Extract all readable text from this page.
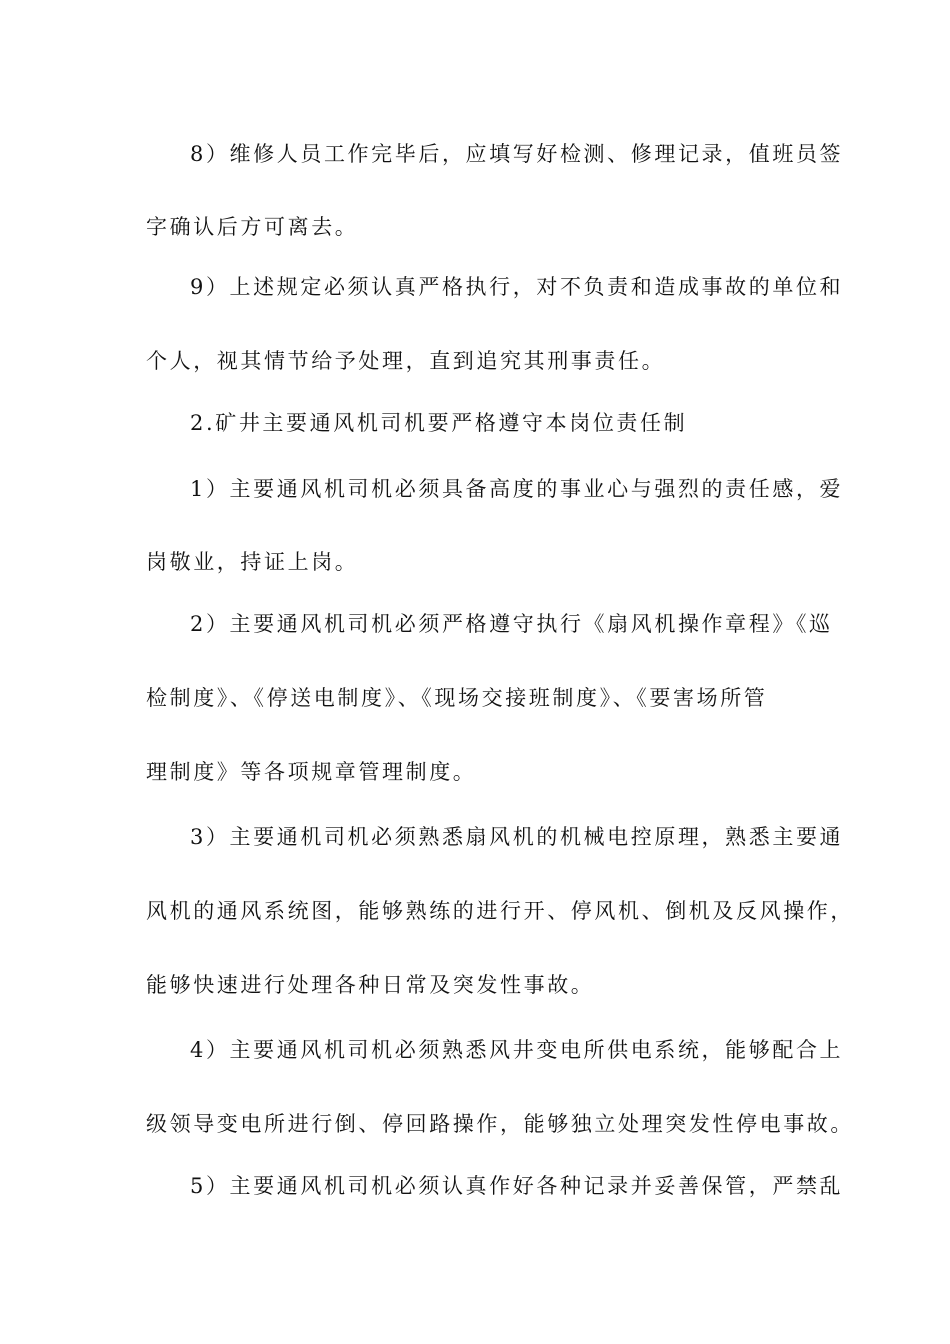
8）维修人员工作完毕后，应填写好检测、修理记录，值班员签
字确认后方可离去。
9）上述规定必须认真严格执行，对不负责和造成事故的单位和
个人，视其情节给予处理，直到追究其刑事责任。
2.矿井主要通风机司机要严格遵守本岗位责任制
1）主要通风机司机必须具备高度的事业心与强烈的责任感，爱
岗敬业，持证上岗。
2）主要通风机司机必须严格遵守执行《扇风机操作章程》《巡
检制度》、《停送电制度》、《现场交接班制度》、《要害场所管
理制度》等各项规章管理制度。
3）主要通机司机必须熟悉扇风机的机械电控原理，熟悉主要通
风机的通风系统图，能够熟练的进行开、停风机、倒机及反风操作，
能够快速进行处理各种日常及突发性事故。
4）主要通风机司机必须熟悉风井变电所供电系统，能够配合上
级领导变电所进行倒、停回路操作，能够独立处理突发性停电事故。
5）主要通风机司机必须认真作好各种记录并妥善保管，严禁乱
